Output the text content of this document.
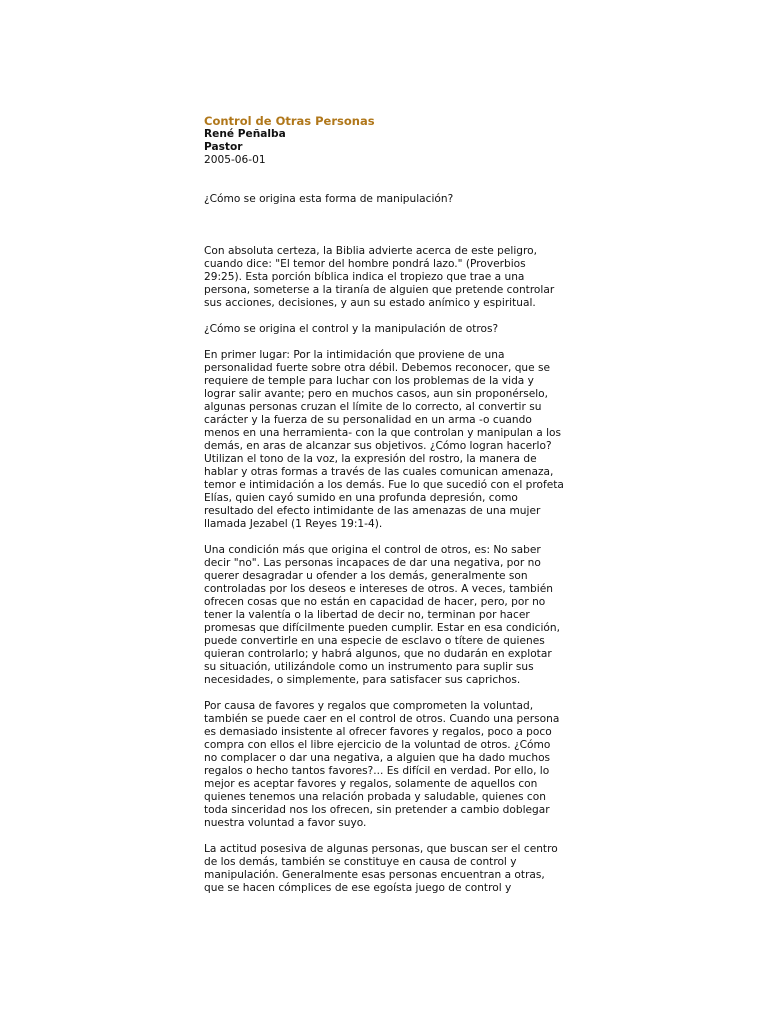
Control de Otras Personas
René Peñalba
Pastor
2005-06-01

¿Cómo se origina esta forma de manipulación?

Con absoluta certeza, la Biblia advierte acerca de este peligro, cuando dice: "El temor del hombre pondrá lazo." (Proverbios 29:25). Esta porción bíblica indica el tropiezo que trae a una persona, someterse a la tiranía de alguien que pretende controlar sus acciones, decisiones, y aun su estado anímico y espiritual.

¿Cómo se origina el control y la manipulación de otros?

En primer lugar: Por la intimidación que proviene de una personalidad fuerte sobre otra débil. Debemos reconocer, que se requiere de temple para luchar con los problemas de la vida y lograr salir avante; pero en muchos casos, aun sin proponérselo, algunas personas cruzan el límite de lo correcto, al convertir su carácter y la fuerza de su personalidad en un arma -o cuando menos en una herramienta- con la que controlan y manipulan a los demás, en aras de alcanzar sus objetivos. ¿Cómo logran hacerlo? Utilizan el tono de la voz, la expresión del rostro, la manera de hablar y otras formas a través de las cuales comunican amenaza, temor e intimidación a los demás. Fue lo que sucedió con el profeta Elías, quien cayó sumido en una profunda depresión, como resultado del efecto intimidante de las amenazas de una mujer llamada Jezabel (1 Reyes 19:1-4).

Una condición más que origina el control de otros, es: No saber decir "no". Las personas incapaces de dar una negativa, por no querer desagradar u ofender a los demás, generalmente son controladas por los deseos e intereses de otros. A veces, también ofrecen cosas que no están en capacidad de hacer, pero, por no tener la valentía o la libertad de decir no, terminan por hacer promesas que difícilmente pueden cumplir. Estar en esa condición, puede convertirle en una especie de esclavo o títere de quienes quieran controlarlo; y habrá algunos, que no dudarán en explotar su situación, utilizándole como un instrumento para suplir sus necesidades, o simplemente, para satisfacer sus caprichos.

Por causa de favores y regalos que comprometen la voluntad, también se puede caer en el control de otros. Cuando una persona es demasiado insistente al ofrecer favores y regalos, poco a poco compra con ellos el libre ejercicio de la voluntad de otros. ¿Cómo no complacer o dar una negativa, a alguien que ha dado muchos regalos o hecho tantos favores?... Es difícil en verdad. Por ello, lo mejor es aceptar favores y regalos, solamente de aquellos con quienes tenemos una relación probada y saludable, quienes con toda sinceridad nos los ofrecen, sin pretender a cambio doblegar nuestra voluntad a favor suyo.

La actitud posesiva de algunas personas, que buscan ser el centro de los demás, también se constituye en causa de control y manipulación. Generalmente esas personas encuentran a otras, que se hacen cómplices de ese egoísta juego de control y
